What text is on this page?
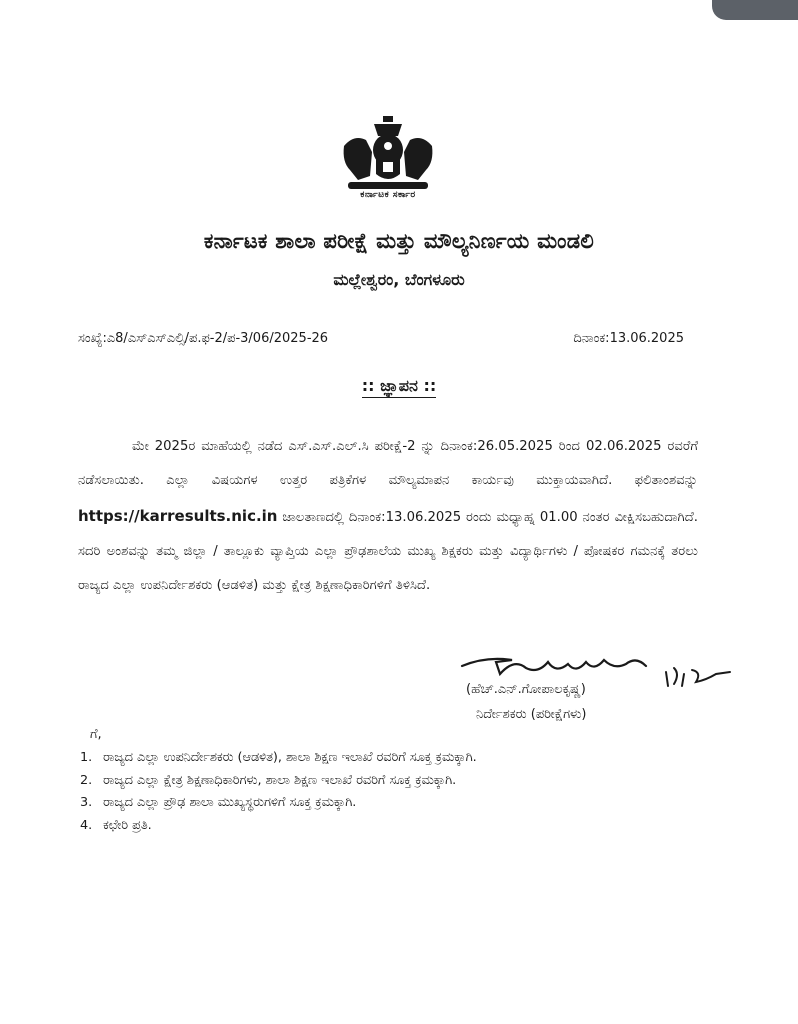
ಕರ್ನಾಟಕ ಸರ್ಕಾರ
ಕರ್ನಾಟಕ ಶಾಲಾ ಪರೀಕ್ಷೆ ಮತ್ತು ಮೌಲ್ಯನಿರ್ಣಯ ಮಂಡಲಿ
ಮಲ್ಲೇಶ್ವರಂ, ಬೆಂಗಳೂರು
ಸಂಖ್ಯೆ:ಎ8/ಎಸ್ಎಸ್ಎಲ್ಸಿ/ಪ.ಫ-2/ಪ-3/06/2025-26	ದಿನಾಂಕ:13.06.2025
:: ಜ್ಞಾಪನ ::

ಮೇ 2025ರ ಮಾಹೆಯಲ್ಲಿ ನಡೆದ ಎಸ್.ಎಸ್.ಎಲ್.ಸಿ ಪರೀಕ್ಷೆ-2 ನ್ನು ದಿನಾಂಕ:26.05.2025 ರಿಂದ 02.06.2025 ರವರೆಗೆ ನಡೆಸಲಾಯಿತು. ಎಲ್ಲಾ ವಿಷಯಗಳ ಉತ್ತರ ಪತ್ರಿಕೆಗಳ ಮೌಲ್ಯಮಾಪನ ಕಾರ್ಯವು ಮುಕ್ತಾಯವಾಗಿದೆ. ಫಲಿತಾಂಶವನ್ನು https://karresults.nic.in ಜಾಲತಾಣದಲ್ಲಿ ದಿನಾಂಕ:13.06.2025 ರಂದು ಮಧ್ಯಾಹ್ನ 01.00 ನಂತರ ವೀಕ್ಷಿಸಬಹುದಾಗಿದೆ. ಸದರಿ ಅಂಶವನ್ನು ತಮ್ಮ ಜಿಲ್ಲಾ / ತಾಲ್ಲೂಕು ವ್ಯಾಪ್ತಿಯ ಎಲ್ಲಾ ಪ್ರೌಢಶಾಲೆಯ ಮುಖ್ಯ ಶಿಕ್ಷಕರು ಮತ್ತು ವಿದ್ಯಾರ್ಥಿಗಳು / ಪೋಷಕರ ಗಮನಕ್ಕೆ ತರಲು ರಾಜ್ಯದ ಎಲ್ಲಾ ಉಪನಿರ್ದೇಶಕರು (ಆಡಳಿತ) ಮತ್ತು ಕ್ಷೇತ್ರ ಶಿಕ್ಷಣಾಧಿಕಾರಿಗಳಿಗೆ ತಿಳಿಸಿದೆ.

(ಹೆಚ್.ಎನ್.ಗೋಪಾಲಕೃಷ್ಣ)
ನಿರ್ದೇಶಕರು (ಪರೀಕ್ಷೆಗಳು)
ಗೆ,
1. ರಾಜ್ಯದ ಎಲ್ಲಾ ಉಪನಿರ್ದೇಶಕರು (ಆಡಳಿತ), ಶಾಲಾ ಶಿಕ್ಷಣ ಇಲಾಖೆ ರವರಿಗೆ ಸೂಕ್ತ ಕ್ರಮಕ್ಕಾಗಿ.
2. ರಾಜ್ಯದ ಎಲ್ಲಾ ಕ್ಷೇತ್ರ ಶಿಕ್ಷಣಾಧಿಕಾರಿಗಳು, ಶಾಲಾ ಶಿಕ್ಷಣ ಇಲಾಖೆ ರವರಿಗೆ ಸೂಕ್ತ ಕ್ರಮಕ್ಕಾಗಿ.
3. ರಾಜ್ಯದ ಎಲ್ಲಾ ಪ್ರೌಢ ಶಾಲಾ ಮುಖ್ಯಸ್ಥರುಗಳಿಗೆ ಸೂಕ್ತ ಕ್ರಮಕ್ಕಾಗಿ.
4. ಕಛೇರಿ ಪ್ರತಿ.
